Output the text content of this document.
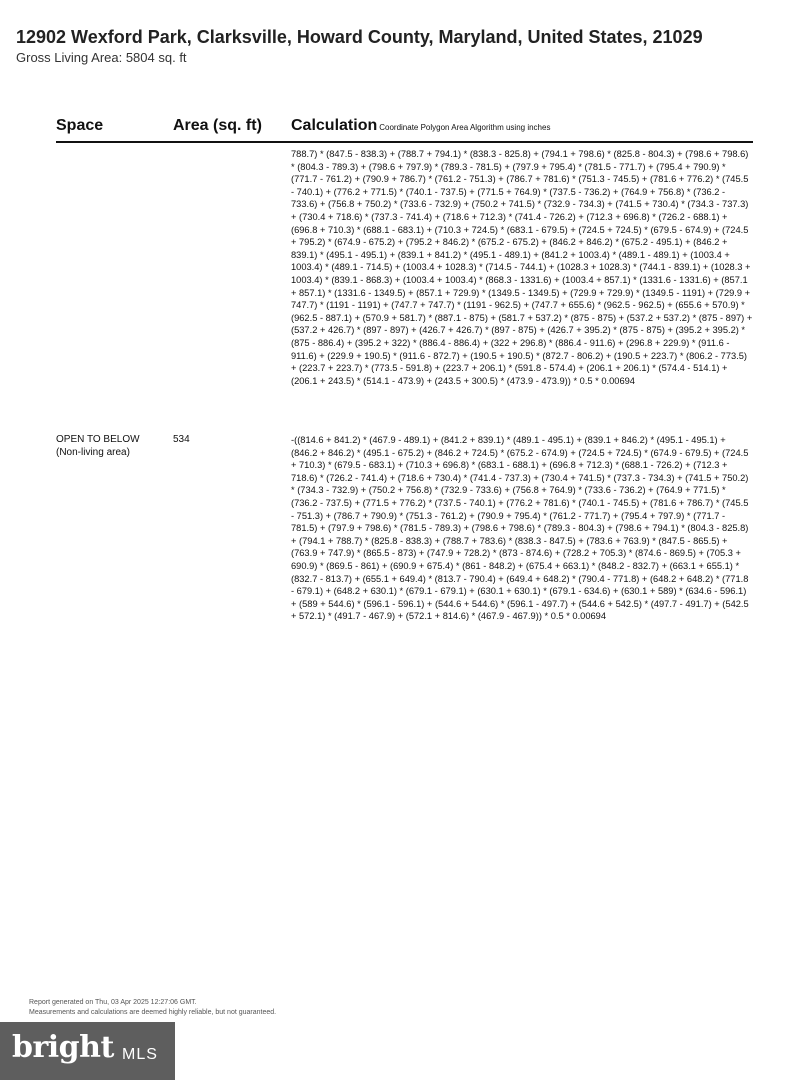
12902 Wexford Park, Clarksville, Howard County, Maryland, United States, 21029
Gross Living Area: 5804 sq. ft
Space	Area (sq. ft) Calculation Coordinate Polygon Area Algorithm using inches
788.7) * (847.5 - 838.3) + (788.7 + 794.1) * (838.3 - 825.8) + (794.1 + 798.6) * (825.8 - 804.3) + (798.6 + 798.6) * (804.3 - 789.3) + (798.6 + 797.9) * (789.3 - 781.5) + (797.9 + 795.4) * (781.5 - 771.7) + (795.4 + 790.9) * (771.7 - 761.2) + (790.9 + 786.7) * (761.2 - 751.3) + (786.7 + 781.6) * (751.3 - 745.5) + (781.6 + 776.2) * (745.5 - 740.1) + (776.2 + 771.5) * (740.1 - 737.5) + (771.5 + 764.9) * (737.5 - 736.2) + (764.9 + 756.8) * (736.2 - 733.6) + (756.8 + 750.2) * (733.6 - 732.9) + (750.2 + 741.5) * (732.9 - 734.3) + (741.5 + 730.4) * (734.3 - 737.3) + (730.4 + 718.6) * (737.3 - 741.4) + (718.6 + 712.3) * (741.4 - 726.2) + (712.3 + 696.8) * (726.2 - 688.1) + (696.8 + 710.3) * (688.1 - 683.1) + (710.3 + 724.5) * (683.1 - 679.5) + (724.5 + 724.5) * (679.5 - 674.9) + (724.5 + 795.2) * (674.9 - 675.2) + (795.2 + 846.2) * (675.2 - 675.2) + (846.2 + 846.2) * (675.2 - 495.1) + (846.2 + 839.1) * (495.1 - 495.1) + (839.1 + 841.2) * (495.1 - 489.1) + (841.2 + 1003.4) * (489.1 - 489.1) + (1003.4 + 1003.4) * (489.1 - 714.5) + (1003.4 + 1028.3) * (714.5 - 744.1) + (1028.3 + 1028.3) * (744.1 - 839.1) + (1028.3 + 1003.4) * (839.1 - 868.3) + (1003.4 + 1003.4) * (868.3 - 1331.6) + (1003.4 + 857.1) * (1331.6 - 1331.6) + (857.1 + 857.1) * (1331.6 - 1349.5) + (857.1 + 729.9) * (1349.5 - 1349.5) + (729.9 + 729.9) * (1349.5 - 1191) + (729.9 + 747.7) * (1191 - 1191) + (747.7 + 747.7) * (1191 - 962.5) + (747.7 + 655.6) * (962.5 - 962.5) + (655.6 + 570.9) * (962.5 - 887.1) + (570.9 + 581.7) * (887.1 - 875) + (581.7 + 537.2) * (875 - 875) + (537.2 + 537.2) * (875 - 897) + (537.2 + 426.7) * (897 - 897) + (426.7 + 426.7) * (897 - 875) + (426.7 + 395.2) * (875 - 875) + (395.2 + 395.2) * (875 - 886.4) + (395.2 + 322) * (886.4 - 886.4) + (322 + 296.8) * (886.4 - 911.6) + (296.8 + 229.9) * (911.6 - 911.6) + (229.9 + 190.5) * (911.6 - 872.7) + (190.5 + 190.5) * (872.7 - 806.2) + (190.5 + 223.7) * (806.2 - 773.5) + (223.7 + 223.7) * (773.5 - 591.8) + (223.7 + 206.1) * (591.8 - 574.4) + (206.1 + 206.1) * (574.4 - 514.1) + (206.1 + 243.5) * (514.1 - 473.9) + (243.5 + 300.5) * (473.9 - 473.9)) * 0.5 * 0.00694
OPEN TO BELOW
(Non-living area)
534	-((814.6 + 841.2) * (467.9 - 489.1) + (841.2 + 839.1) * (489.1 - 495.1) + (839.1 + 846.2) * (495.1 - 495.1) + (846.2 + 846.2) * (495.1 - 675.2) + (846.2 + 724.5) * (675.2 - 674.9) + (724.5 + 724.5) * (674.9 - 679.5) + (724.5 + 710.3) * (679.5 - 683.1) + (710.3 + 696.8) * (683.1 - 688.1) + (696.8 + 712.3) * (688.1 - 726.2) + (712.3 + 718.6) * (726.2 - 741.4) + (718.6 + 730.4) * (741.4 - 737.3) + (730.4 + 741.5) * (737.3 - 734.3) + (741.5 + 750.2) * (734.3 - 732.9) + (750.2 + 756.8) * (732.9 - 733.6) + (756.8 + 764.9) * (733.6 - 736.2) + (764.9 + 771.5) * (736.2 - 737.5) + (771.5 + 776.2) * (737.5 - 740.1) + (776.2 + 781.6) * (740.1 - 745.5) + (781.6 + 786.7) * (745.5 - 751.3) + (786.7 + 790.9) * (751.3 - 761.2) + (790.9 + 795.4) * (761.2 - 771.7) + (795.4 + 797.9) * (771.7 - 781.5) + (797.9 + 798.6) * (781.5 - 789.3) + (798.6 + 798.6) * (789.3 - 804.3) + (798.6 + 794.1) * (804.3 - 825.8) + (794.1 + 788.7) * (825.8 - 838.3) + (788.7 + 783.6) * (838.3 - 847.5) + (783.6 + 763.9) * (847.5 - 865.5) + (763.9 + 747.9) * (865.5 - 873) + (747.9 + 728.2) * (873 - 874.6) + (728.2 + 705.3) * (874.6 - 869.5) + (705.3 + 690.9) * (869.5 - 861) + (690.9 + 675.4) * (861 - 848.2) + (675.4 + 663.1) * (848.2 - 832.7) + (663.1 + 655.1) * (832.7 - 813.7) + (655.1 + 649.4) * (813.7 - 790.4) + (649.4 + 648.2) * (790.4 - 771.8) + (648.2 + 648.2) * (771.8 - 679.1) + (648.2 + 630.1) * (679.1 - 679.1) + (630.1 + 630.1) * (679.1 - 634.6) + (630.1 + 589) * (634.6 - 596.1) + (589 + 544.6) * (596.1 - 596.1) + (544.6 + 544.6) * (596.1 - 497.7) + (544.6 + 542.5) * (497.7 - 491.7) + (542.5 + 572.1) * (491.7 - 467.9) + (572.1 + 814.6) * (467.9 - 467.9)) * 0.5 * 0.00694
Report generated on Thu, 03 Apr 2025 12:27:06 GMT.
Measurements and calculations are deemed highly reliable, but not guaranteed.
bright MLS
